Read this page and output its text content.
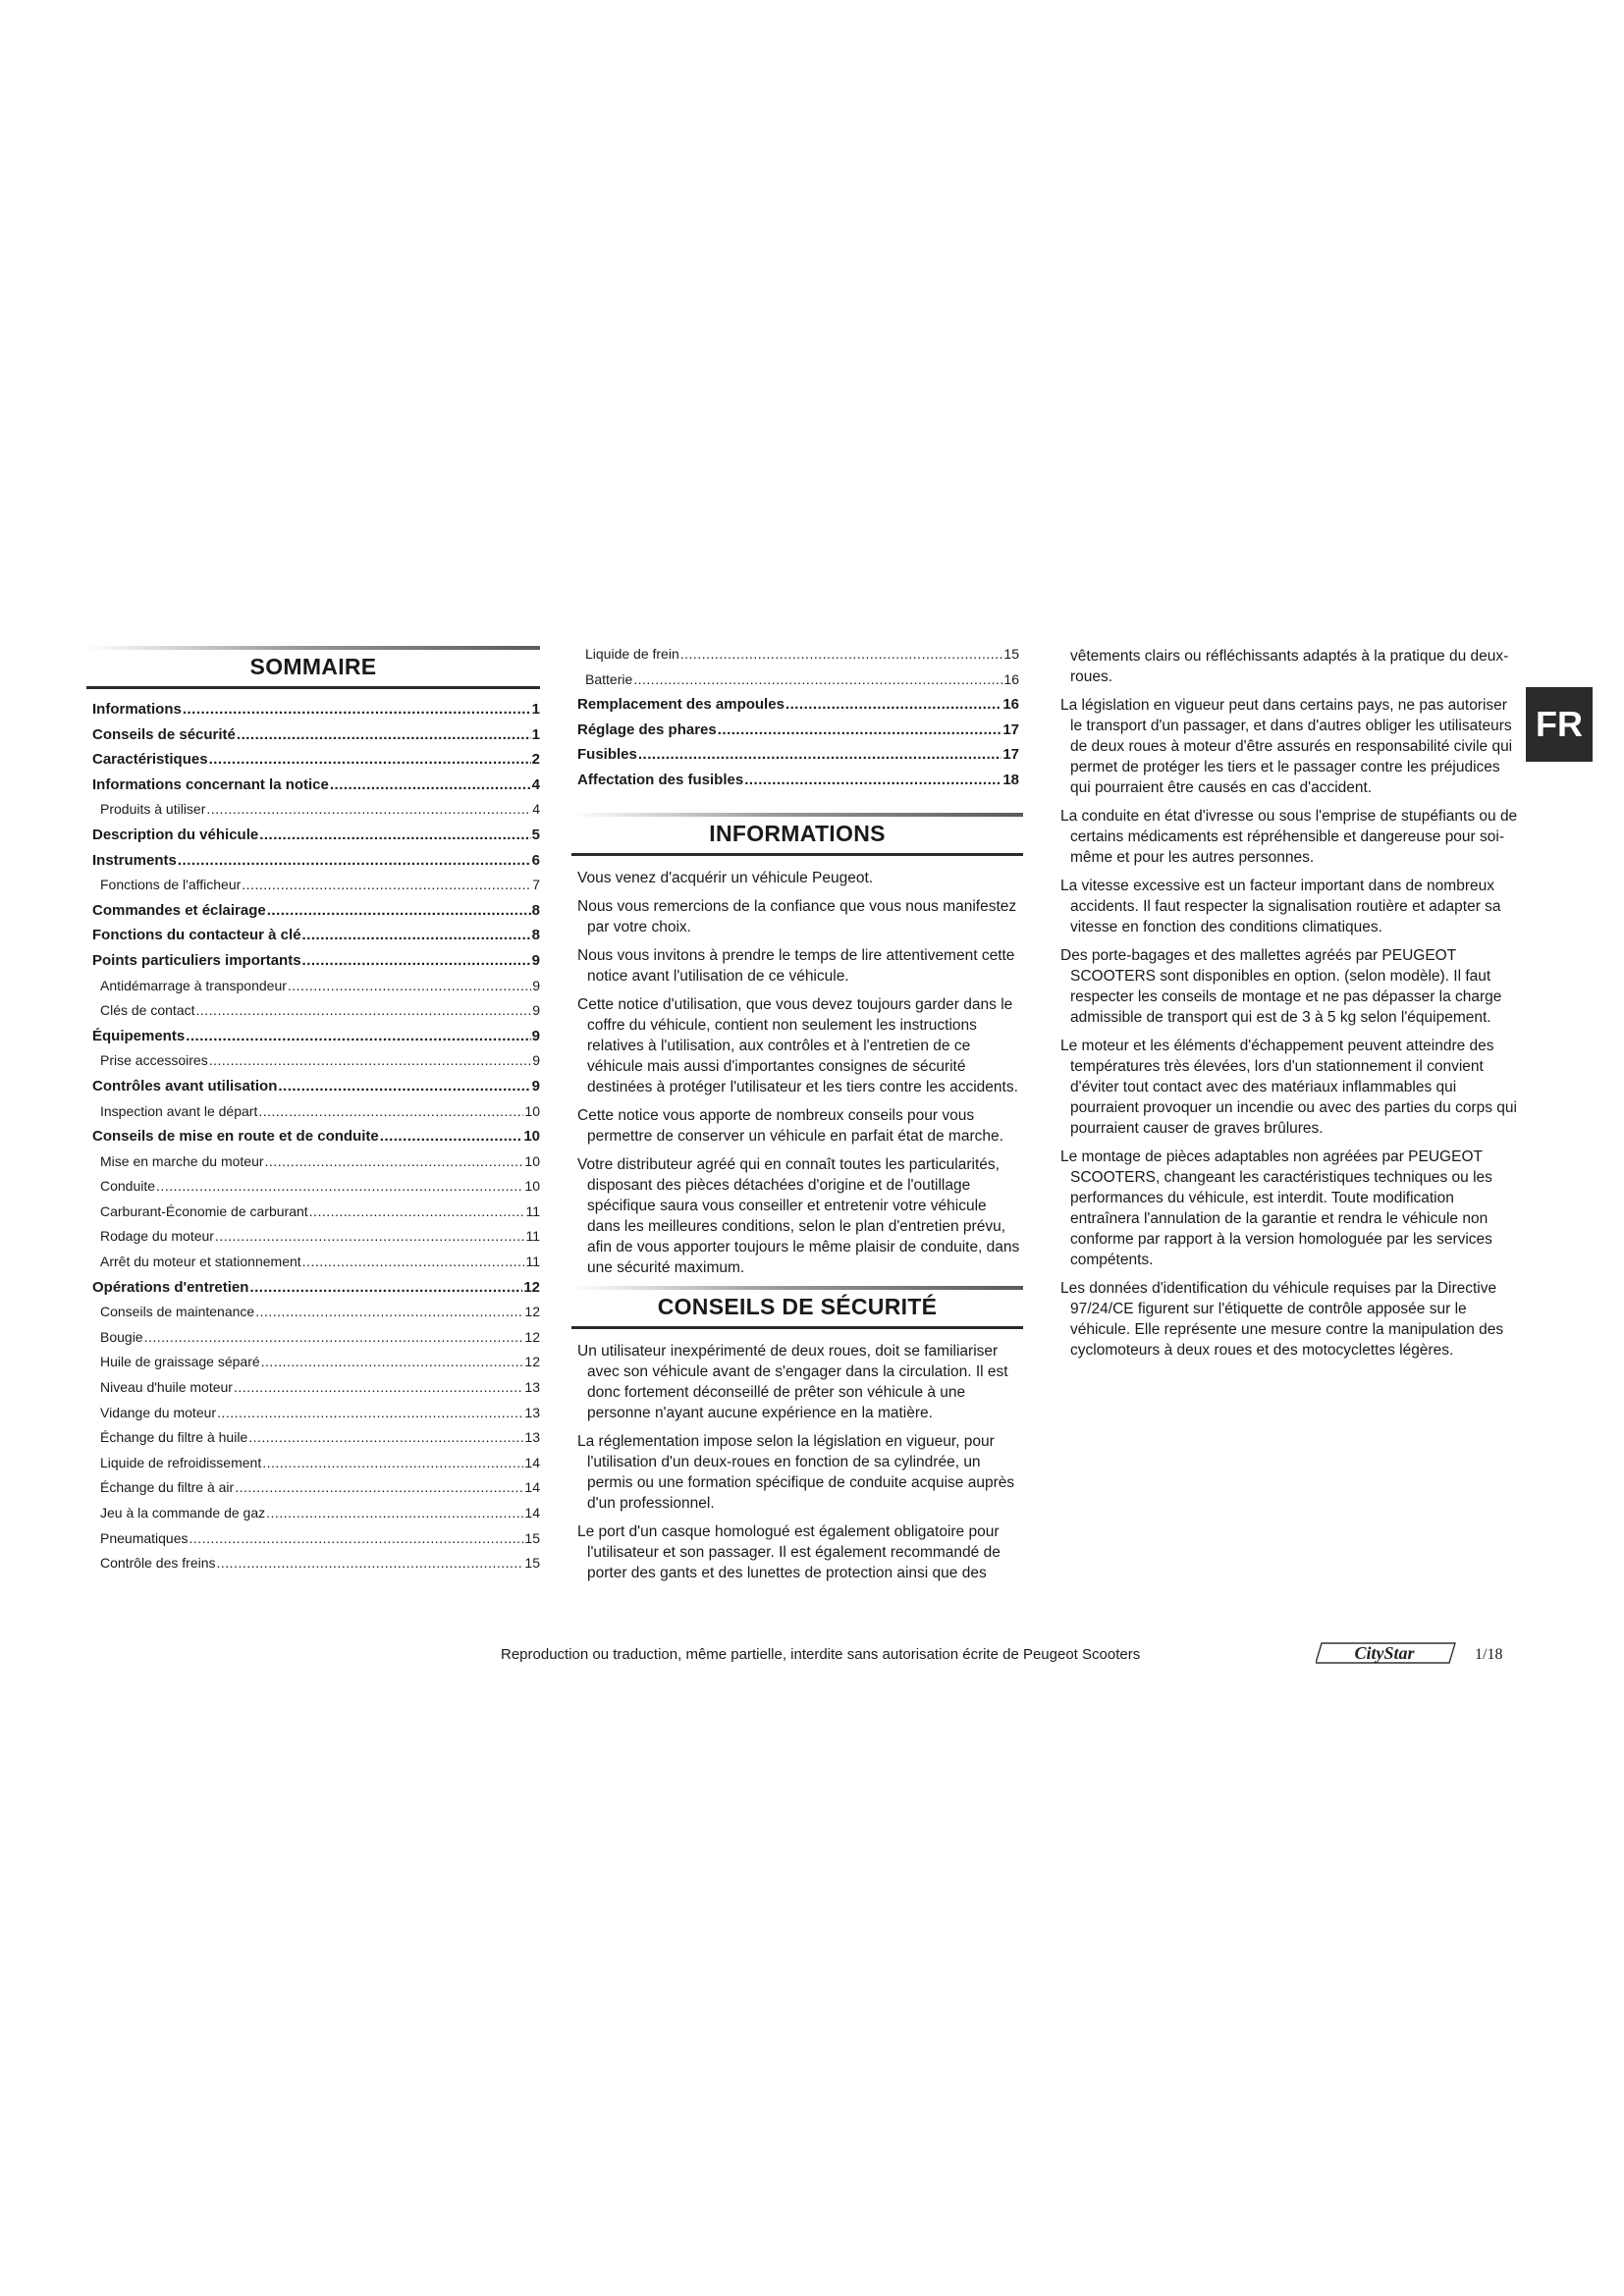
SOMMAIRE
Informations .....	1
Conseils de sécurité .....	1
Caractéristiques .....	2
Informations concernant la notice .....	4
Produits à utiliser .....	4
Description du véhicule .....	5
Instruments .....	6
Fonctions de l'afficheur .....	7
Commandes et éclairage .....	8
Fonctions du contacteur à clé .....	8
Points particuliers importants .....	9
Antidémarrage à transpondeur .....	9
Clés de contact .....	9
Équipements .....	9
Prise accessoires .....	9
Contrôles avant utilisation .....	9
Inspection avant le départ .....	10
Conseils de mise en route et de conduite .....	10
Mise en marche du moteur .....	10
Conduite .....	10
Carburant-Économie de carburant .....	11
Rodage du moteur .....	11
Arrêt du moteur et stationnement .....	11
Opérations d'entretien .....	12
Conseils de maintenance .....	12
Bougie .....	12
Huile de graissage séparé .....	12
Niveau d'huile moteur .....	13
Vidange du moteur .....	13
Échange du filtre à huile .....	13
Liquide de refroidissement .....	14
Échange du filtre à air .....	14
Jeu à la commande de gaz .....	14
Pneumatiques .....	15
Contrôle des freins .....	15
Liquide de frein .....	15
Batterie .....	16
Remplacement des ampoules .....	16
Réglage des phares .....	17
Fusibles .....	17
Affectation des fusibles .....	18
INFORMATIONS

Vous venez d'acquérir un véhicule Peugeot.

Nous vous remercions de la confiance que vous nous manifestez par votre choix.

Nous vous invitons à prendre le temps de lire attentivement cette notice avant l'utilisation de ce véhicule.

Cette notice d'utilisation, que vous devez toujours garder dans le coffre du véhicule, contient non seulement les instructions relatives à l'utilisation, aux contrôles et à l'entretien de ce véhicule mais aussi d'importantes consignes de sécurité destinées à protéger l'utilisateur et les tiers contre les accidents.

Cette notice vous apporte de nombreux conseils pour vous permettre de conserver un véhicule en parfait état de marche.

Votre distributeur agréé qui en connaît toutes les particularités, disposant des pièces détachées d'origine et de l'outillage spécifique saura vous conseiller et entretenir votre véhicule dans les meilleures conditions, selon le plan d'entretien prévu, afin de vous apporter toujours le même plaisir de conduite, dans une sécurité maximum.

CONSEILS DE SÉCURITÉ

Un utilisateur inexpérimenté de deux roues, doit se familiariser avec son véhicule avant de s'engager dans la circulation. Il est donc fortement déconseillé de prêter son véhicule à une personne n'ayant aucune expérience en la matière.

La réglementation impose selon la législation en vigueur, pour l'utilisation d'un deux-roues en fonction de sa cylindrée, un permis ou une formation spécifique de conduite acquise auprès d'un professionnel.

Le port d'un casque homologué est également obligatoire pour l'utilisateur et son passager. Il est également recommandé de porter des gants et des lunettes de protection ainsi que des

vêtements clairs ou réfléchissants adaptés à la pratique du deux-roues.

La législation en vigueur peut dans certains pays, ne pas autoriser le transport d'un passager, et dans d'autres obliger les utilisateurs de deux roues à moteur d'être assurés en responsabilité civile qui permet de protéger les tiers et le passager contre les préjudices qui pourraient être causés en cas d'accident.

La conduite en état d'ivresse ou sous l'emprise de stupéfiants ou de certains médicaments est répréhensible et dangereuse pour soi-même et pour les autres personnes.

La vitesse excessive est un facteur important dans de nombreux accidents. Il faut respecter la signalisation routière et adapter sa vitesse en fonction des conditions climatiques.

Des porte-bagages et des mallettes agréés par PEUGEOT SCOOTERS sont disponibles en option. (selon modèle). Il faut respecter les conseils de montage et ne pas dépasser la charge admissible de transport qui est de 3 à 5 kg selon l'équipement.

Le moteur et les éléments d'échappement peuvent atteindre des températures très élevées, lors d'un stationnement il convient d'éviter tout contact avec des matériaux inflammables qui pourraient provoquer un incendie ou avec des parties du corps qui pourraient causer de graves brûlures.

Le montage de pièces adaptables non agréées par PEUGEOT SCOOTERS, changeant les caractéristiques techniques ou les performances du véhicule, est interdit. Toute modification entraînera l'annulation de la garantie et rendra le véhicule non conforme par rapport à la version homologuée par les services compétents.

Les données d'identification du véhicule requises par la Directive 97/24/CE figurent sur l'étiquette de contrôle apposée sur le véhicule. Elle représente une mesure contre la manipulation des cyclomoteurs à deux roues et des motocyclettes légères.

FR
Reproduction ou traduction, même partielle, interdite sans autorisation écrite de Peugeot Scooters	CityStar	1/18
